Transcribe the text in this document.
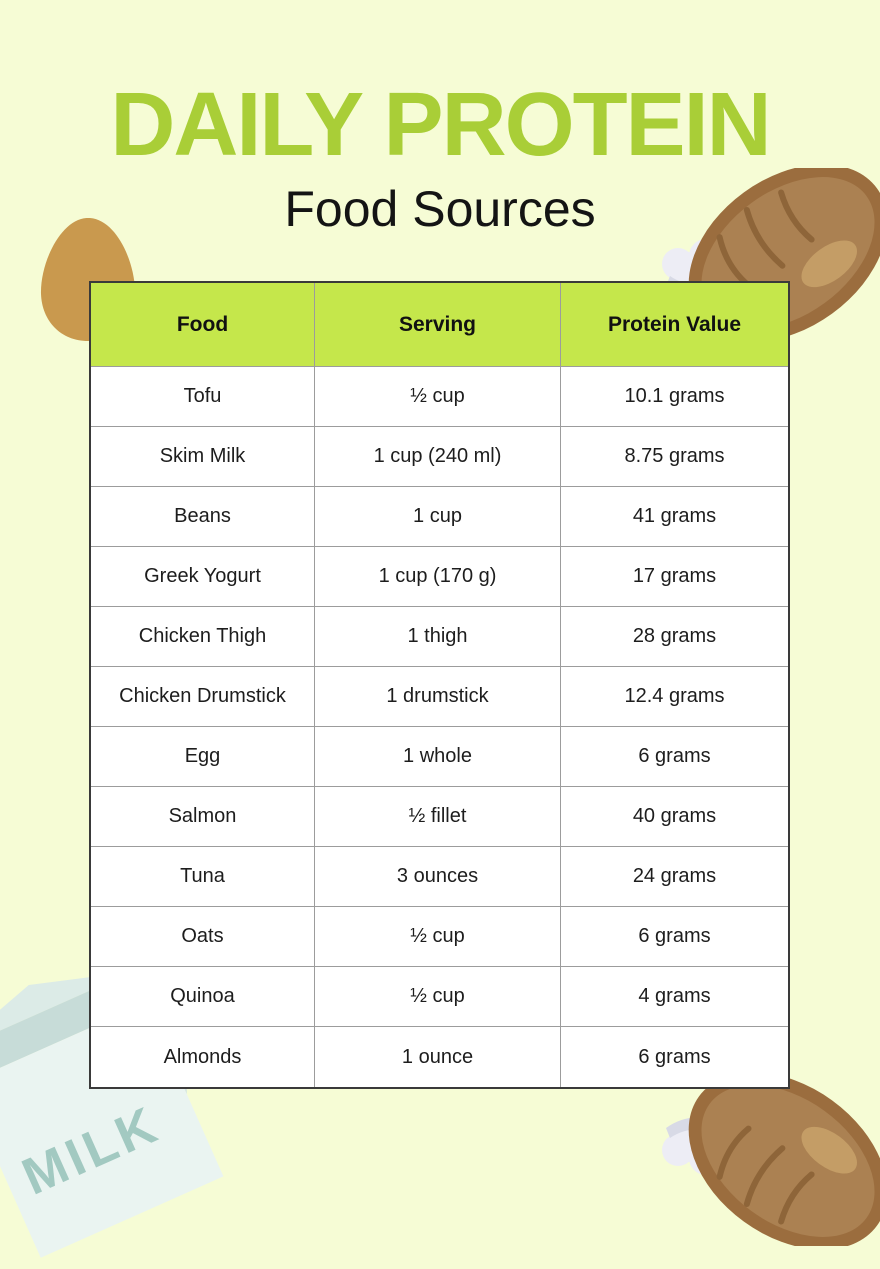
MILK
DAILY PROTEIN
Food Sources
Food	Serving	Protein Value
Tofu	½ cup	10.1 grams
Skim Milk	1 cup (240 ml)	8.75 grams
Beans	1 cup	41 grams
Greek Yogurt	1 cup (170 g)	17 grams
Chicken Thigh	1 thigh	28 grams
Chicken Drumstick	1 drumstick	12.4 grams
Egg	1 whole	6 grams
Salmon	½ fillet	40 grams
Tuna	3 ounces	24 grams
Oats	½ cup	6 grams
Quinoa	½ cup	4 grams
Almonds	1 ounce	6 grams
